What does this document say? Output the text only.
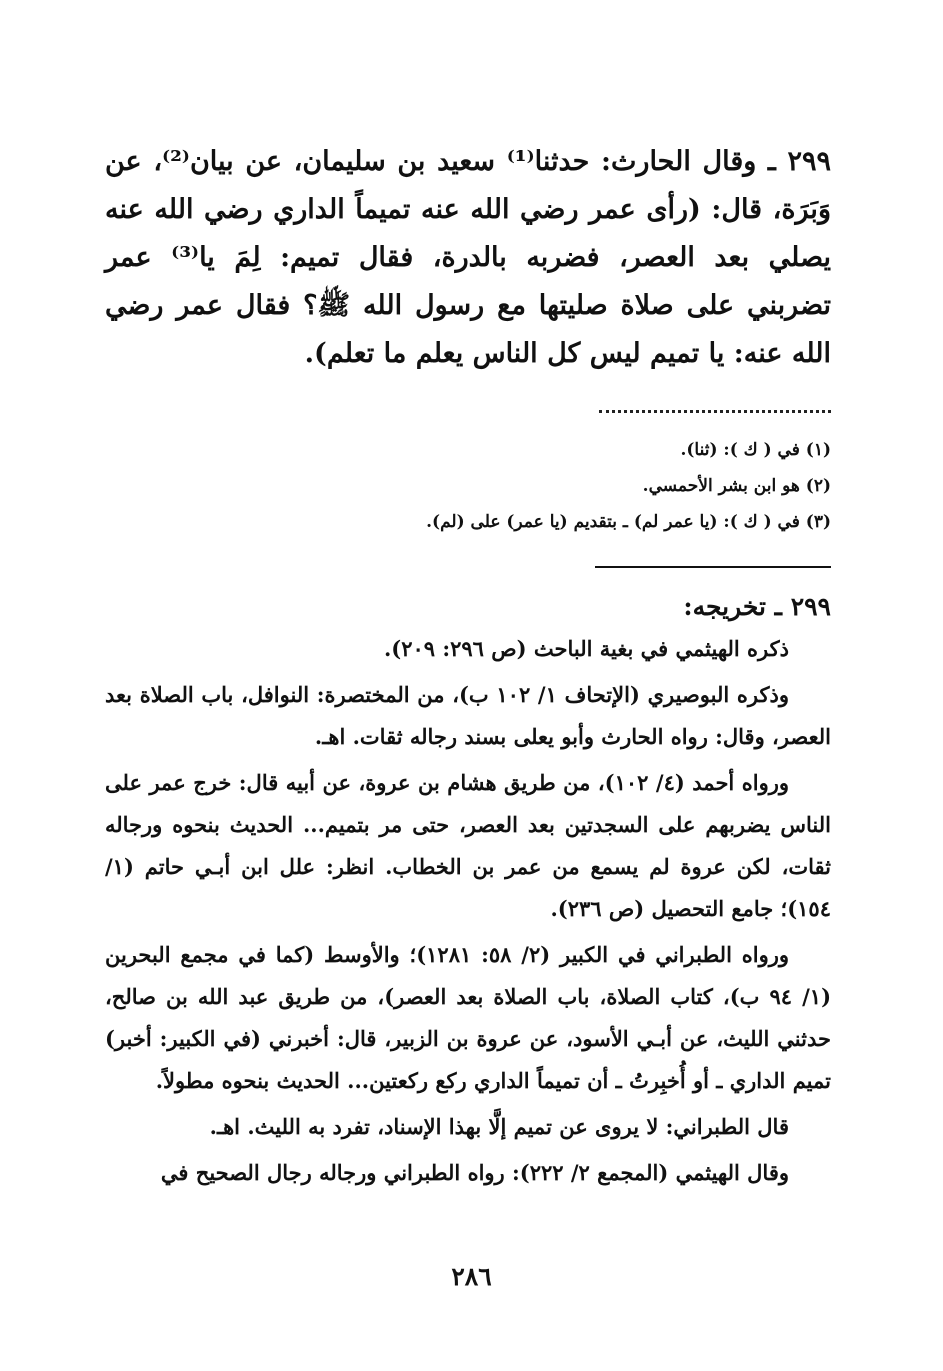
٢٩٩ ـ وقال الحارث: حدثنا⁽¹⁾ سعيد بن سليمان، عن بيان⁽²⁾، عن وَبَرَة، قال: (رأى عمر رضي الله عنه تميماً الداري رضي الله عنه يصلي بعد العصر، فضربه بالدرة، فقال تميم: لِمَ يا⁽³⁾ عمر تضربني على صلاة صليتها مع رسول الله ﷺ؟ فقال عمر رضي الله عنه: يا تميم ليس كل الناس يعلم ما تعلم).

(١) في ( ك ): (ثنا).
(٢) هو ابن بشر الأحمسي.
(٣) في ( ك ): (يا عمر لم) ـ بتقديم (يا عمر) على (لم).
٢٩٩ ـ تخريجه:

ذكره الهيثمي في بغية الباحث (ص ٢٩٦: ٢٠٩).

وذكره البوصيري (الإتحاف ١/ ١٠٢ ب)، من المختصرة: النوافل، باب الصلاة بعد العصر، وقال: رواه الحارث وأبو يعلى بسند رجاله ثقات. اهـ.

ورواه أحمد (٤/ ١٠٢)، من طريق هشام بن عروة، عن أبيه قال: خرج عمر على الناس يضربهم على السجدتين بعد العصر، حتى مر بتميم... الحديث بنحوه ورجاله ثقات، لكن عروة لم يسمع من عمر بن الخطاب. انظر: علل ابن أبـي حاتم (١/ ١٥٤)؛ جامع التحصيل (ص ٢٣٦).

ورواه الطبراني في الكبير (٢/ ٥٨: ١٢٨١)؛ والأوسط (كما في مجمع البحرين (١/ ٩٤ ب)، كتاب الصلاة، باب الصلاة بعد العصر)، من طريق عبد الله بن صالح، حدثني الليث، عن أبـي الأسود، عن عروة بن الزبير، قال: أخبرني (في الكبير: أخبر) تميم الداري ـ أو أُخبِرتُ ـ أن تميماً الداري ركع ركعتين... الحديث بنحوه مطولاً.

قال الطبراني: لا يروى عن تميم إلَّا بهذا الإسناد، تفرد به الليث. اهـ.

وقال الهيثمي (المجمع ٢/ ٢٢٢): رواه الطبراني ورجاله رجال الصحيح في

٢٨٦
